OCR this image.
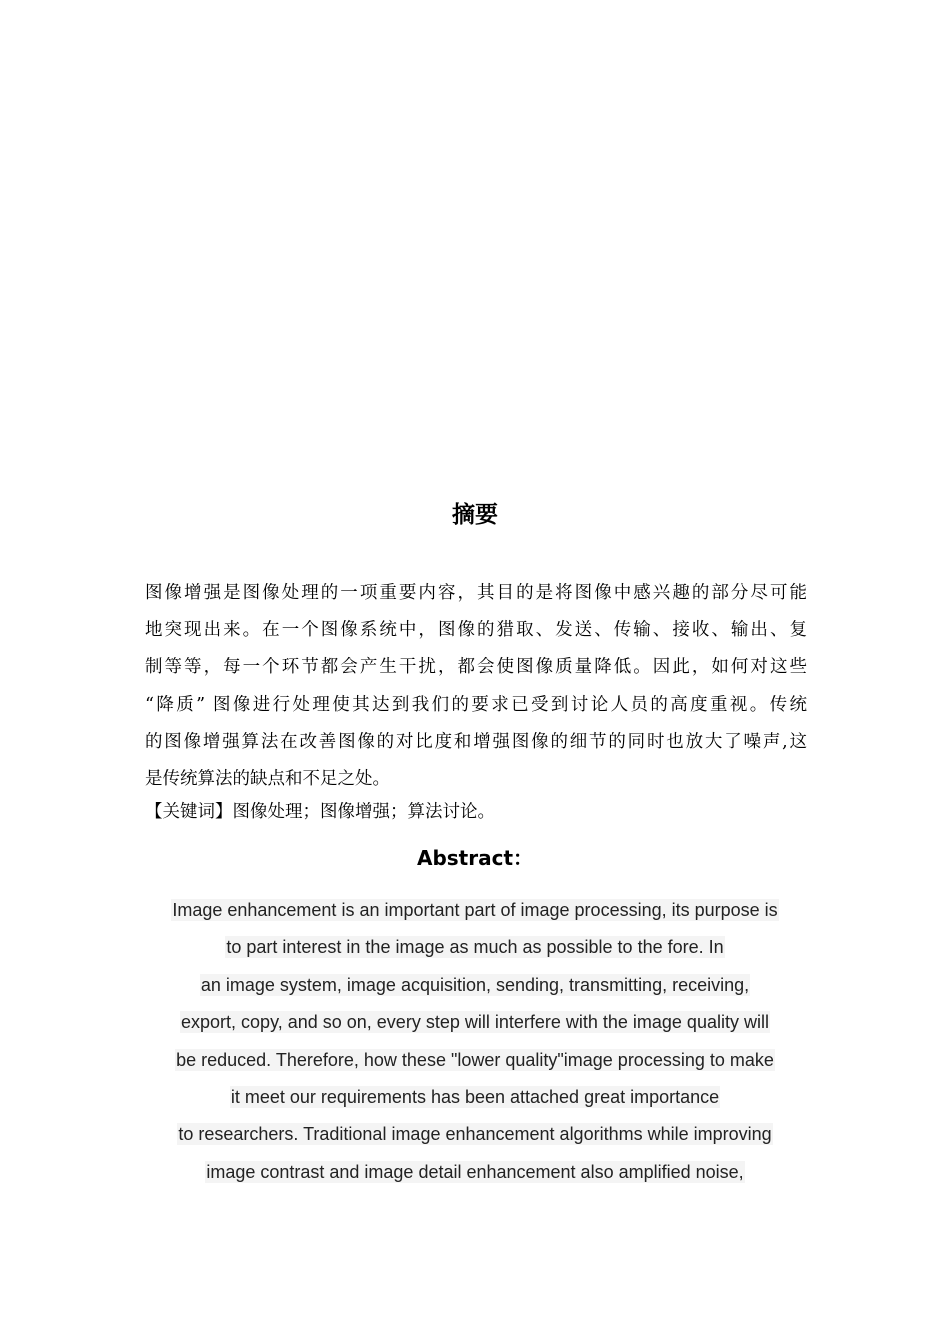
摘要

图像增强是图像处理的一项重要内容，其目的是将图像中感兴趣的部分尽可能
地突现出来。在一个图像系统中，图像的猎取、发送、传输、接收、输出、复
制等等，每一个环节都会产生干扰，都会使图像质量降低。因此，如何对这些
“降质” 图像进行处理使其达到我们的要求已受到讨论人员的高度重视。传统
的图像增强算法在改善图像的对比度和增强图像的细节的同时也放大了噪声,这
是传统算法的缺点和不足之处。

【关键词】图像处理；图像增强；算法讨论。

Abstract：

Image enhancement is an important part of image processing, its purpose is
to part interest in the image as much as possible to the fore. In
an image system, image acquisition, sending, transmitting, receiving,
export, copy, and so on, every step will interfere with the image quality will
be reduced. Therefore, how these "lower quality"image processing to make
it meet our requirements has been attached great importance
to researchers. Traditional image enhancement algorithms while improving
image contrast and image detail enhancement also amplified noise,
